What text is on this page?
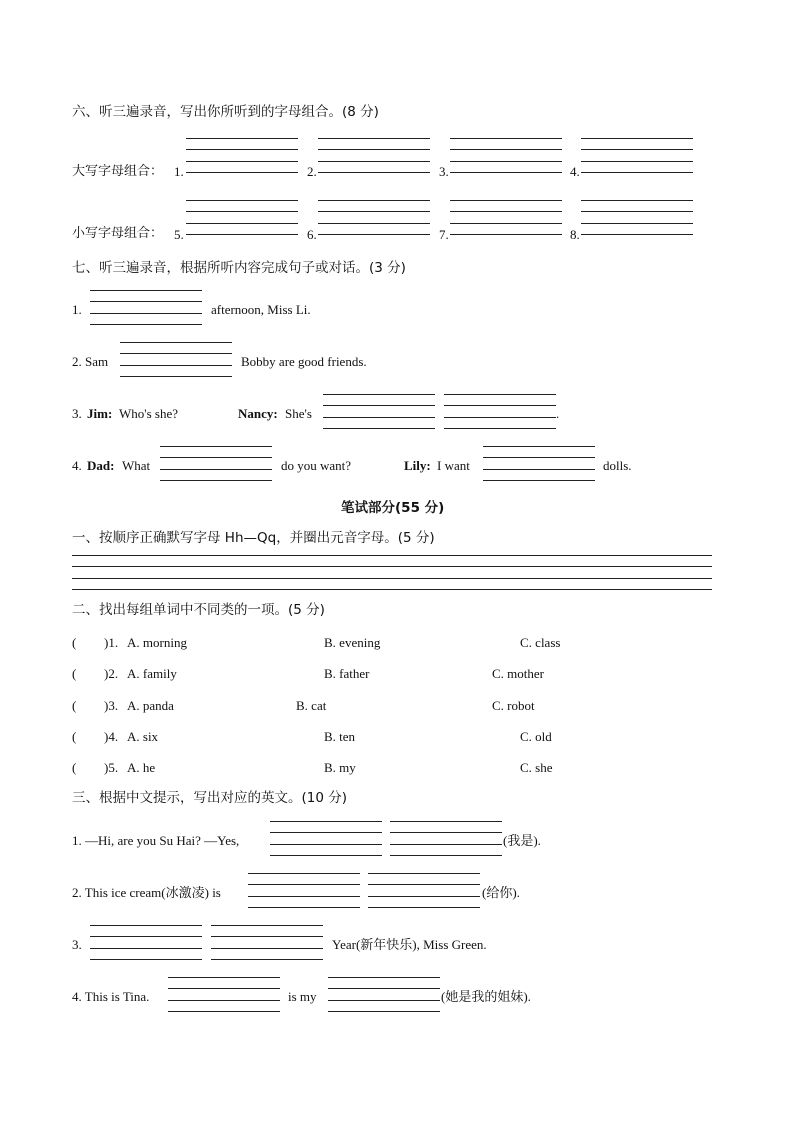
六、听三遍录音，写出你所听到的字母组合。(8 分)
大写字母组合： 1.	2.	3.	4.
小写字母组合： 5.	6.	7.	8.
七、听三遍录音，根据所听内容完成句子或对话。(3 分)
1.	afternoon, Miss Li.
2. Sam	Bobby are good friends.
3. Jim: Who's she?	Nancy: She's	.
4. Dad: What	do you want?	Lily: I want	dolls.
笔试部分(55 分)
一、按顺序正确默写字母 Hh—Qq，并圈出元音字母。(5 分)
二、找出每组单词中不同类的一项。(5 分)
( )1. A. morning	B. evening	C. class
( )2. A. family	B. father	C. mother
( )3. A. panda	B. cat	C. robot
( )4. A. six	B. ten	C. old
( )5. A. he	B. my	C. she
三、根据中文提示，写出对应的英文。(10 分)
1. —Hi, are you Su Hai? —Yes,	(我是).
2. This ice cream(冰激凌) is	(给你).
3.	Year(新年快乐), Miss Green.
4. This is Tina.	is my	(她是我的姐妹).
